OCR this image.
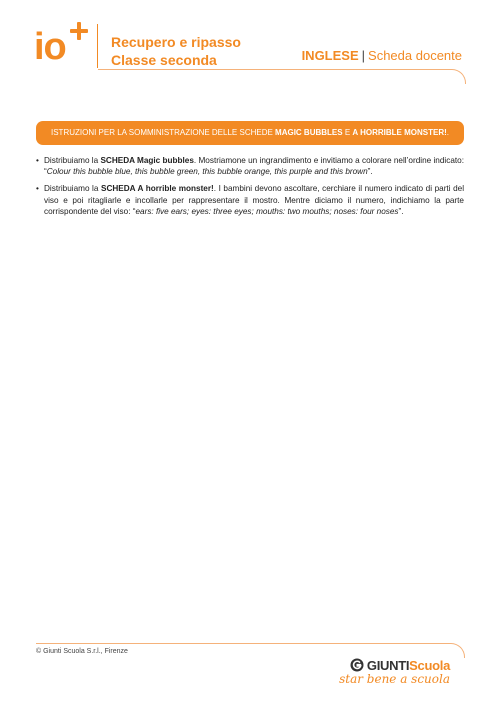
io	Recupero e ripasso
Classe seconda	INGLESE | Scheda docente
ISTRUZIONI PER LA SOMMINISTRAZIONE DELLE SCHEDE MAGIC BUBBLES E A HORRIBLE MONSTER!.
• Distribuiamo la SCHEDA Magic bubbles. Mostriamone un ingrandimento e invitiamo a colorare nell’ordine indicato: “Colour this bubble blue, this bubble green, this bubble orange, this purple and this brown”.
• Distribuiamo la SCHEDA A horrible monster!. I bambini devono ascoltare, cerchiare il numero indicato di parti del viso e poi ritagliarle e incollarle per rappresentare il mostro. Mentre diciamo il numero, indichiamo la parte corrispondente del viso: “ears: five ears; eyes: three eyes; mouths: two mouths; noses: four noses”.
© Giunti Scuola S.r.l., Firenze
GIUNTI Scuola
star bene a scuola
